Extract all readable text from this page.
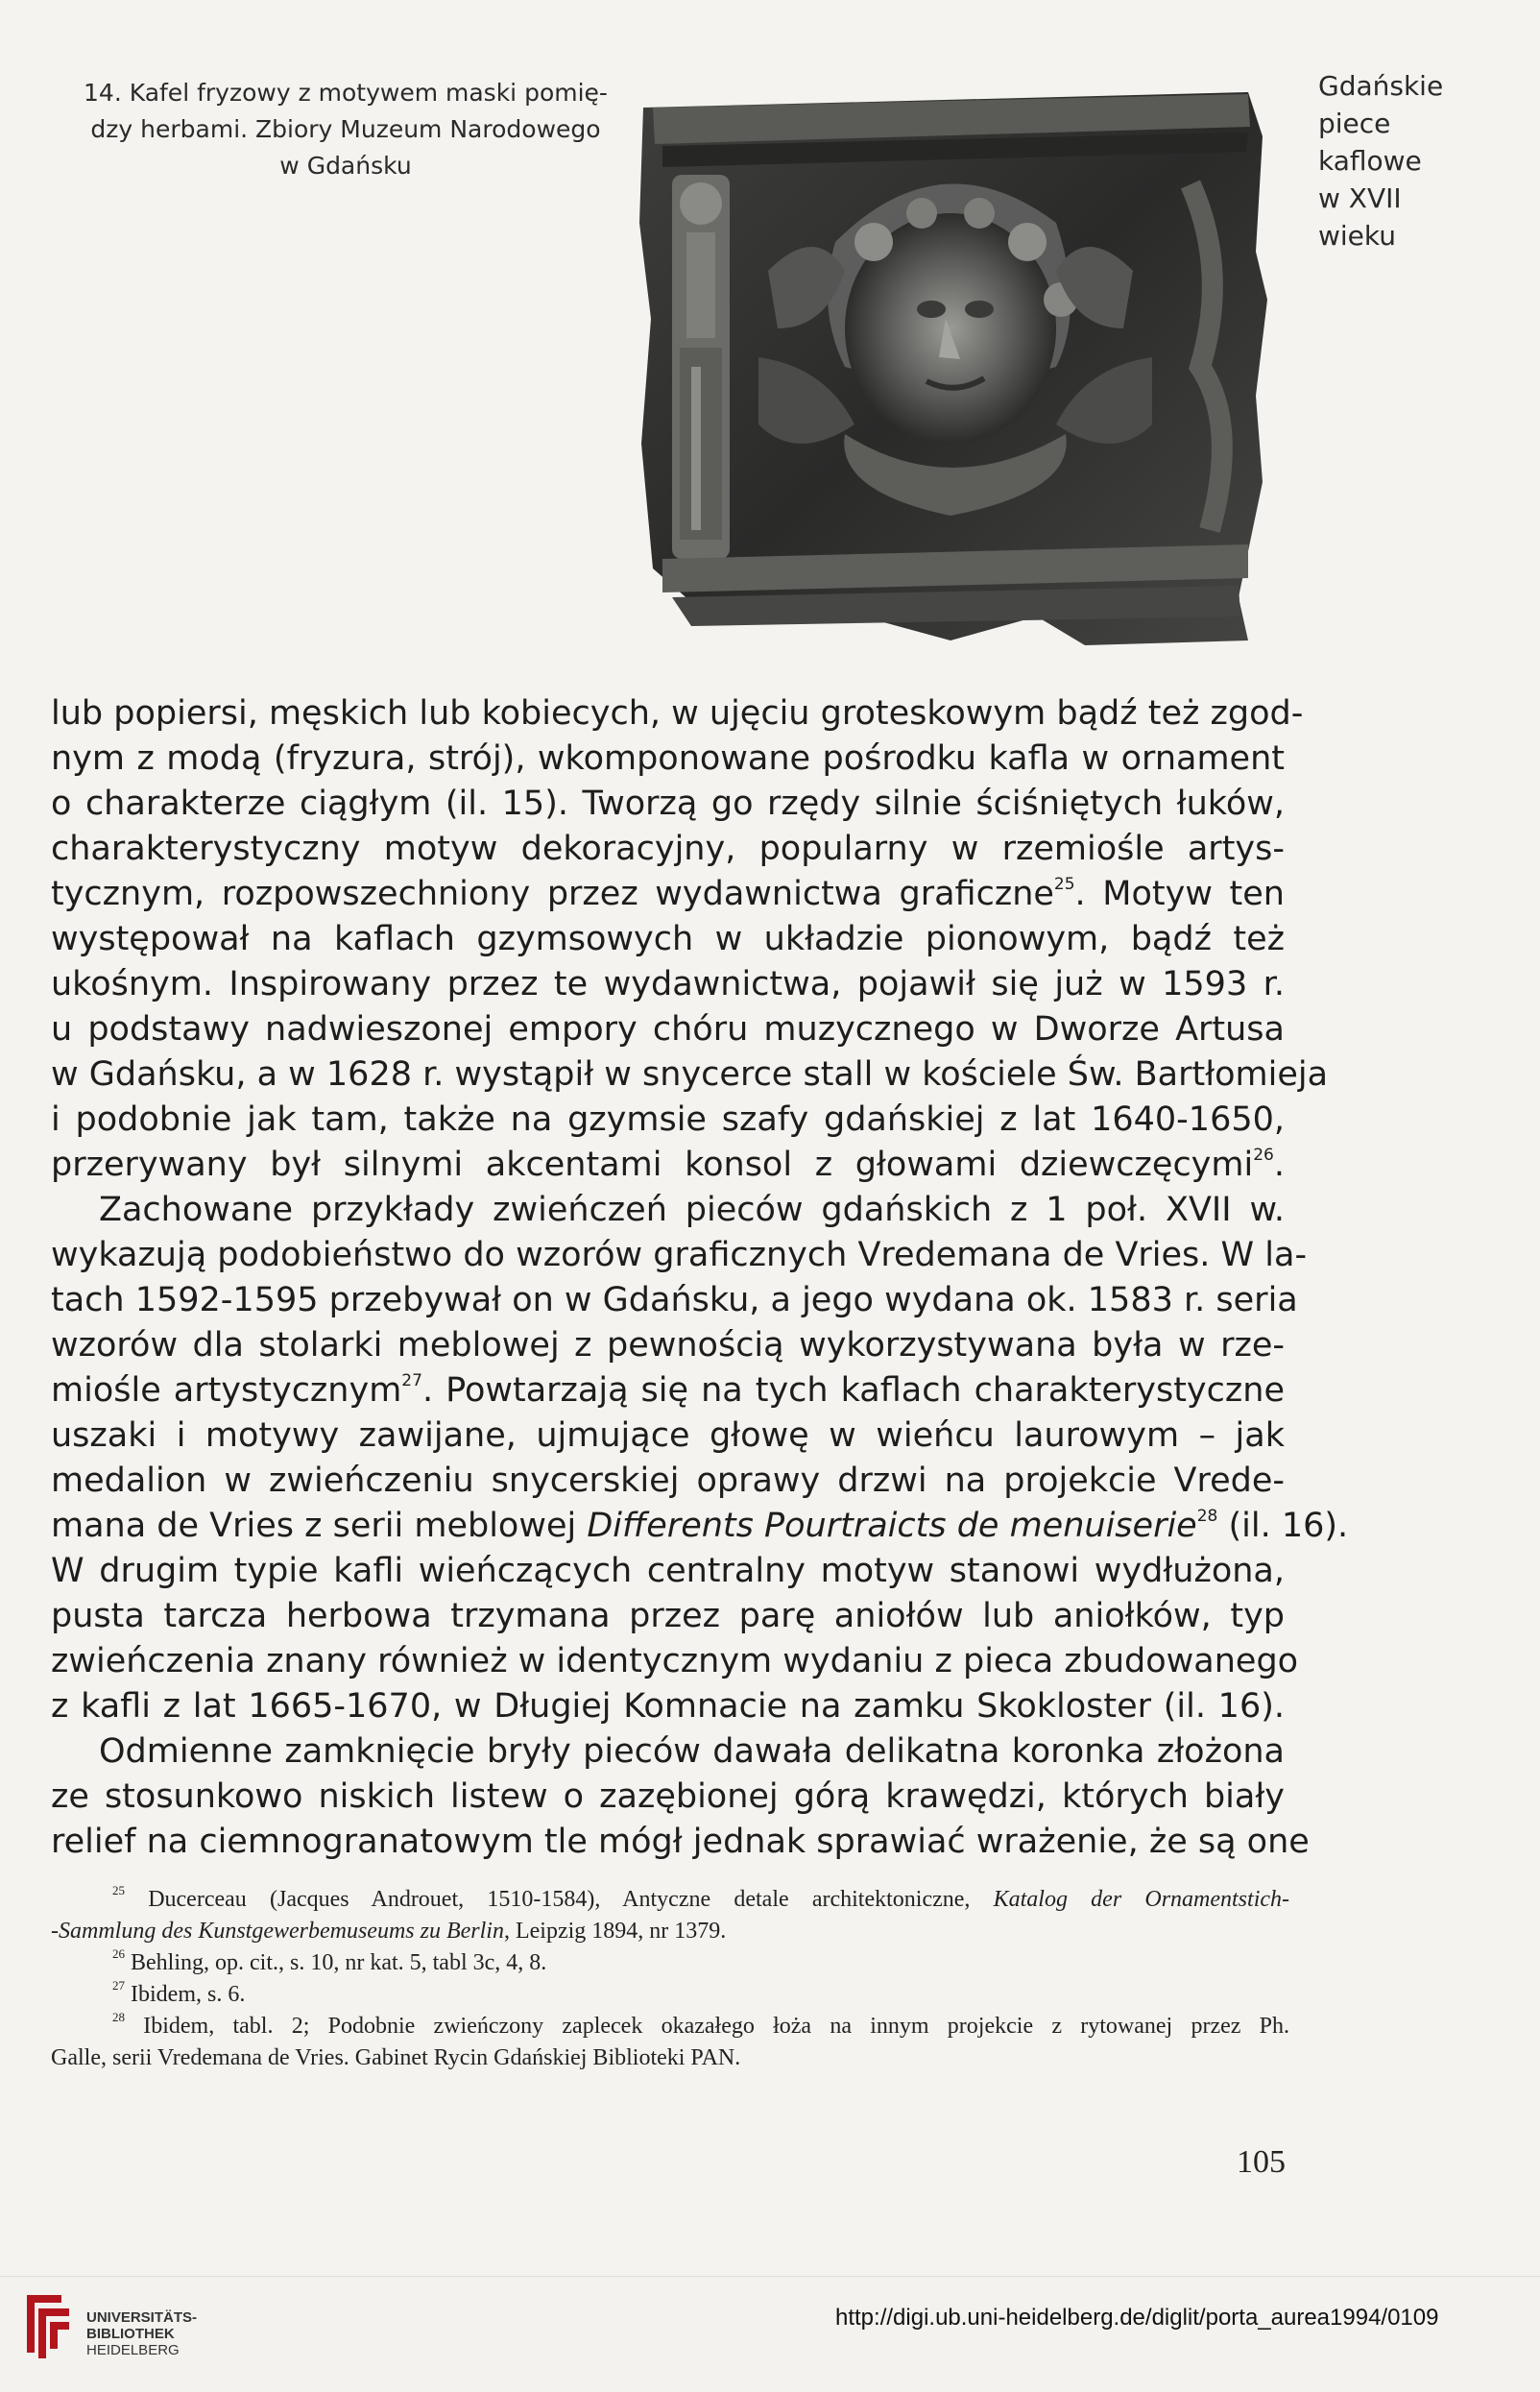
14. Kafel fryzowy z motywem maski pomię-
dzy herbami. Zbiory Muzeum Narodowego
w Gdańsku
Gdańskie
piece
kaflowe
w XVII
wieku
lub popiersi, męskich lub kobiecych, w ujęciu groteskowym bądź też zgod-
nym z modą (fryzura, strój), wkomponowane pośrodku kafla w ornament
o charakterze ciągłym (il. 15). Tworzą go rzędy silnie ściśniętych łuków,
charakterystyczny motyw dekoracyjny, popularny w rzemiośle artys-
tycznym, rozpowszechniony przez wydawnictwa graficzne$^{25}$. Motyw ten
występował na kaflach gzymsowych w układzie pionowym, bądź też
ukośnym. Inspirowany przez te wydawnictwa, pojawił się już w 1593 r.
u podstawy nadwieszonej empory chóru muzycznego w Dworze Artusa
w Gdańsku, a w 1628 r. wystąpił w snycerce stall w kościele Św. Bartłomieja
i podobnie jak tam, także na gzymsie szafy gdańskiej z lat 1640-1650,
przerywany był silnymi akcentami konsol z głowami dziewczęcymi$^{26}$.
Zachowane przykłady zwieńczeń pieców gdańskich z 1 poł. XVII w.
wykazują podobieństwo do wzorów graficznych Vredemana de Vries. W la-
tach 1592-1595 przebywał on w Gdańsku, a jego wydana ok. 1583 r. seria
wzorów dla stolarki meblowej z pewnością wykorzystywana była w rze-
miośle artystycznym$^{27}$. Powtarzają się na tych kaflach charakterystyczne
uszaki i motywy zawijane, ujmujące głowę w wieńcu laurowym – jak
medalion w zwieńczeniu snycerskiej oprawy drzwi na projekcie Vrede-
mana de Vries z serii meblowej Differents Pourtraicts de menuiserie$^{28}$ (il. 16).
W drugim typie kafli wieńczących centralny motyw stanowi wydłużona,
pusta tarcza herbowa trzymana przez parę aniołów lub aniołków, typ
zwieńczenia znany również w identycznym wydaniu z pieca zbudowanego
z kafli z lat 1665-1670, w Długiej Komnacie na zamku Skokloster (il. 16).
Odmienne zamknięcie bryły pieców dawała delikatna koronka złożona
ze stosunkowo niskich listew o zazębionej górą krawędzi, których biały
relief na ciemnogranatowym tle mógł jednak sprawiać wrażenie, że są one
$^{25}$ Ducerceau (Jacques Androuet, 1510-1584), Antyczne detale architektoniczne, Katalog der Ornamentstich-
-Sammlung des Kunstgewerbemuseums zu Berlin, Leipzig 1894, nr 1379.
$^{26}$ Behling, op. cit., s. 10, nr kat. 5, tabl 3c, 4, 8.
$^{27}$ Ibidem, s. 6.
$^{28}$ Ibidem, tabl. 2; Podobnie zwieńczony zaplecek okazałego łoża na innym projekcie z rytowanej przez Ph.
Galle, serii Vredemana de Vries. Gabinet Rycin Gdańskiej Biblioteki PAN.
105
UNIVERSITÄTS-
BIBLIOTHEK
HEIDELBERG
http://digi.ub.uni-heidelberg.de/diglit/porta_aurea1994/0109
